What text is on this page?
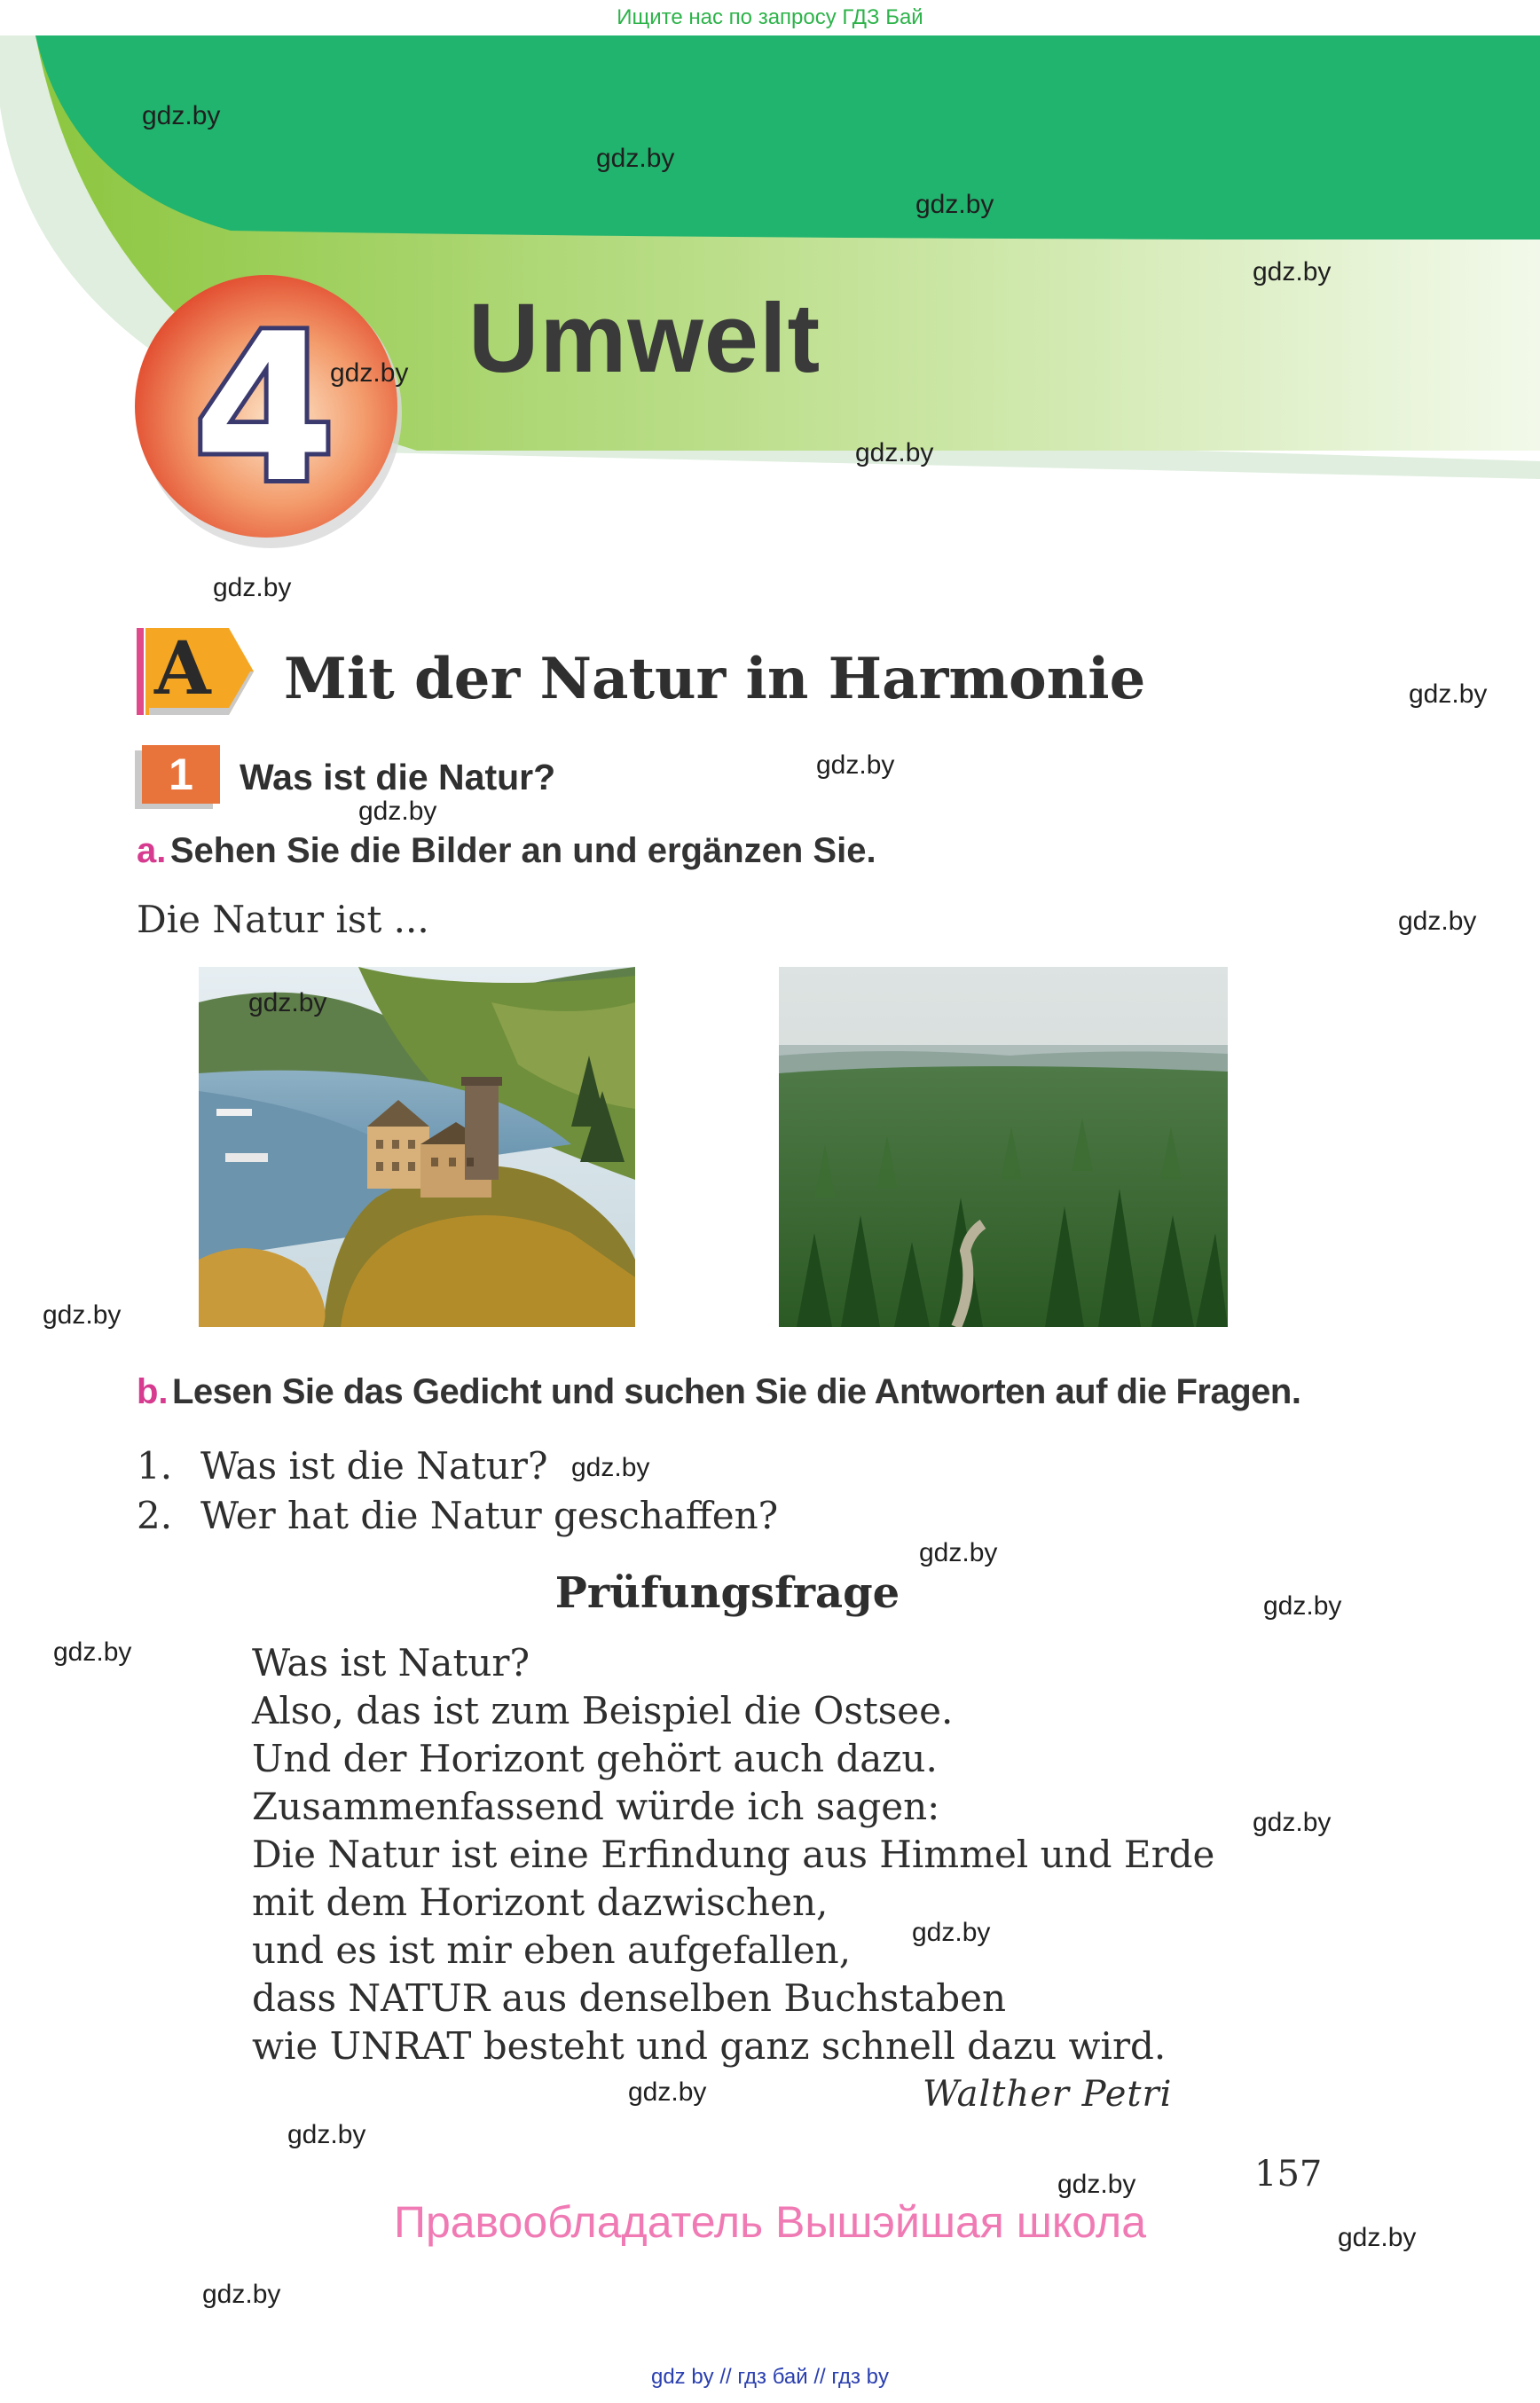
Ищите нас по запросу ГДЗ Бай
4 Umwelt
A Mit der Natur in Harmonie
1	Was ist die Natur?
a. Sehen Sie die Bilder an und ergänzen Sie.
Die Natur ist ...
b. Lesen Sie das Gedicht und suchen Sie die Antworten auf die Fragen.
1. Was ist die Natur?
2. Wer hat die Natur geschaffen?
Prüfungsfrage
Was ist Natur?
Also, das ist zum Beispiel die Ostsee.
Und der Horizont gehört auch dazu.
Zusammenfassend würde ich sagen:
Die Natur ist eine Erfindung aus Himmel und Erde
mit dem Horizont dazwischen,
und es ist mir eben aufgefallen,
dass NATUR aus denselben Buchstaben
wie UNRAT besteht und ganz schnell dazu wird.
Walther Petri
157
Правообладатель Вышэйшая школа
gdz by // гдз бай // гдз by
gdz.by
gdz.by
gdz.by
gdz.by
gdz.by
gdz.by
gdz.by
gdz.by
gdz.by
gdz.by
gdz.by
gdz.by
gdz.by
gdz.by
gdz.by
gdz.by
gdz.by
gdz.by
gdz.by
gdz.by
gdz.by
gdz.by
gdz.by
gdz.by
